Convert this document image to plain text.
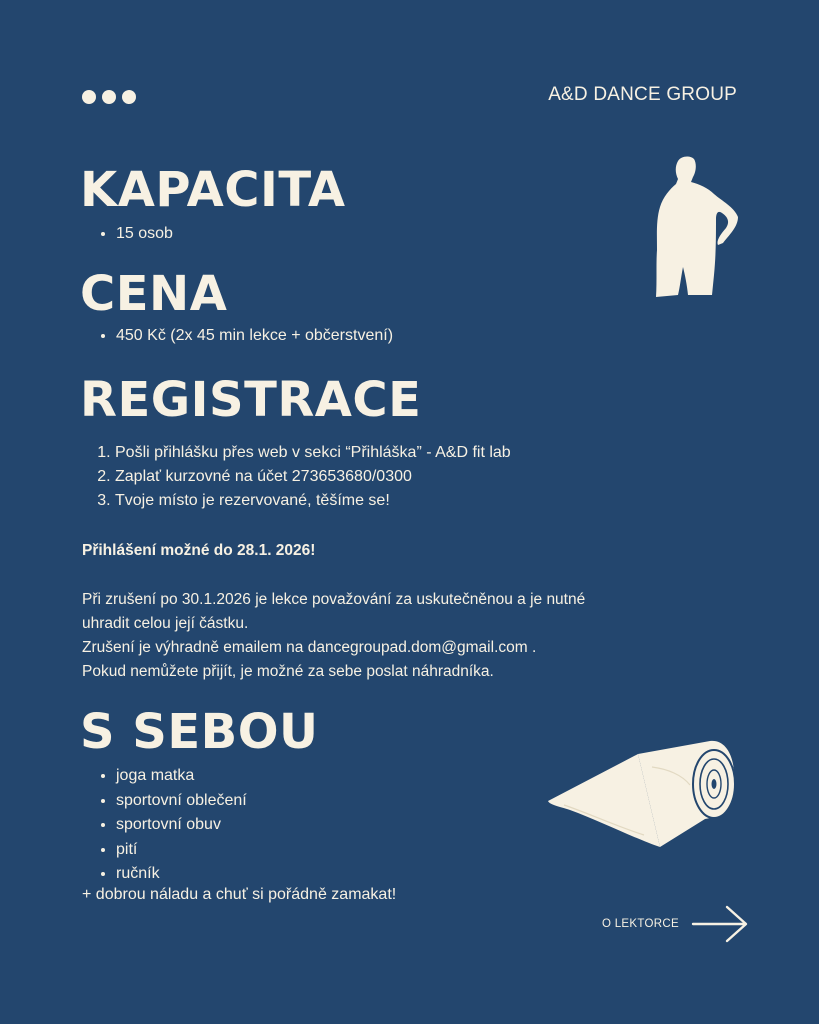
A&D DANCE GROUP
KAPACITA
• 15 osob
CENA
• 450 Kč (2x 45 min lekce + občerstvení)
REGISTRACE
1. Pošli přihlášku přes web v sekci “Přihláška” - A&D fit lab
2. Zaplať kurzovné na účet 273653680/0300
3. Tvoje místo je rezervované, těšíme se!
Přihlášení možné do 28.1. 2026!
Při zrušení po 30.1.2026 je lekce považování za uskutečněnou a je nutné
uhradit celou její částku.
Zrušení je výhradně emailem na dancegroupad.dom@gmail.com .
Pokud nemůžete přijít, je možné za sebe poslat náhradníka.
S SEBOU
• joga matka
• sportovní oblečení
• sportovní obuv
• pití
• ručník
+ dobrou náladu a chuť si pořádně zamakat!
O LEKTORCE
